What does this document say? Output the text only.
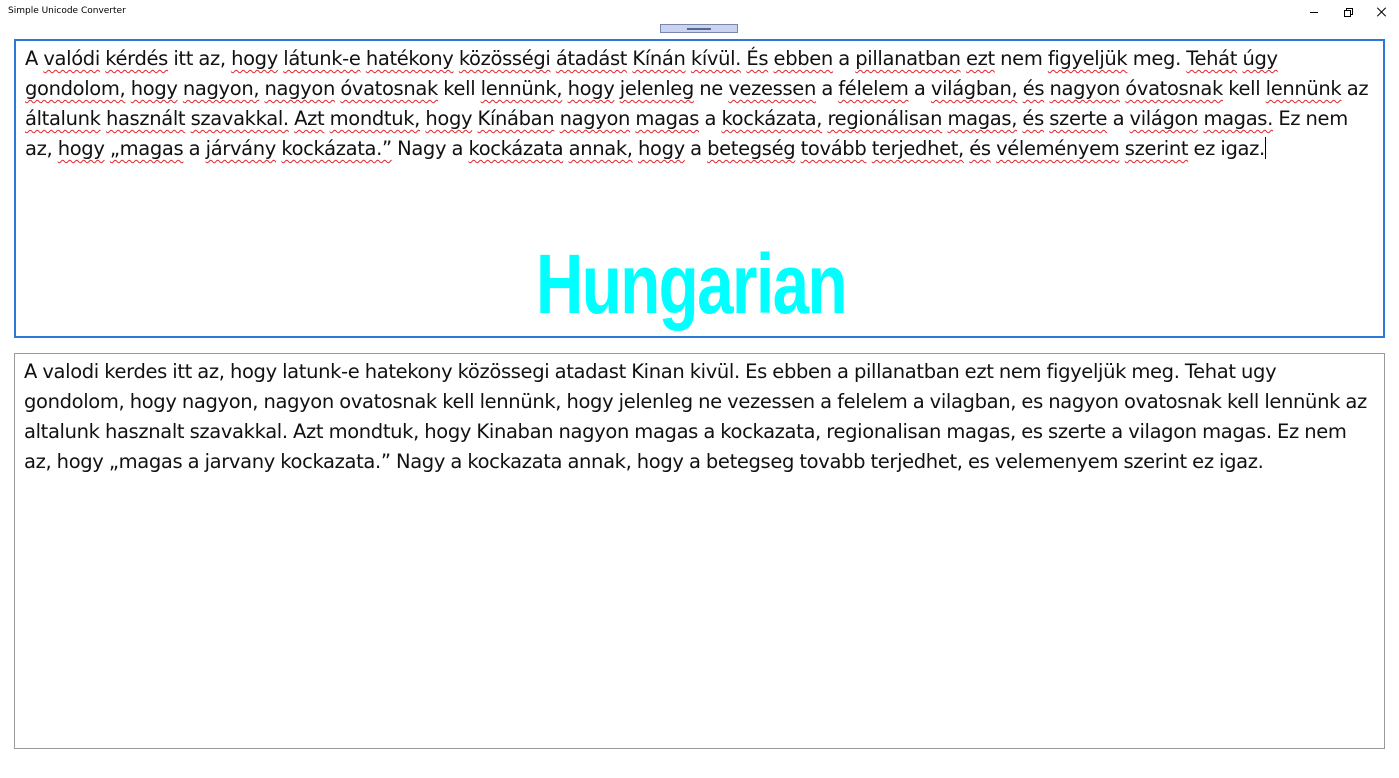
Simple Unicode Converter
A valódi kérdés itt az, hogy látunk-e hatékony közösségi átadást Kínán kívül. És ebben a pillanatban ezt nem figyeljük meg. Tehát úgy gondolom, hogy nagyon, nagyon óvatosnak kell lennünk, hogy jelenleg ne vezessen a félelem a világban, és nagyon óvatosnak kell lennünk az általunk használt szavakkal. Azt mondtuk, hogy Kínában nagyon magas a kockázata, regionálisan magas, és szerte a világon magas. Ez nem az, hogy „magas a járvány kockázata.” Nagy a kockázata annak, hogy a betegség tovább terjedhet, és véleményem szerint ez igaz.
Hungarian
A valodi kerdes itt az, hogy latunk-e hatekony közössegi atadast Kinan kivül. Es ebben a pillanatban ezt nem figyeljük meg. Tehat ugy gondolom, hogy nagyon, nagyon ovatosnak kell lennünk, hogy jelenleg ne vezessen a felelem a vilagban, es nagyon ovatosnak kell lennünk az altalunk hasznalt szavakkal. Azt mondtuk, hogy Kinaban nagyon magas a kockazata, regionalisan magas, es szerte a vilagon magas. Ez nem az, hogy „magas a jarvany kockazata.” Nagy a kockazata annak, hogy a betegseg tovabb terjedhet, es velemenyem szerint ez igaz.
